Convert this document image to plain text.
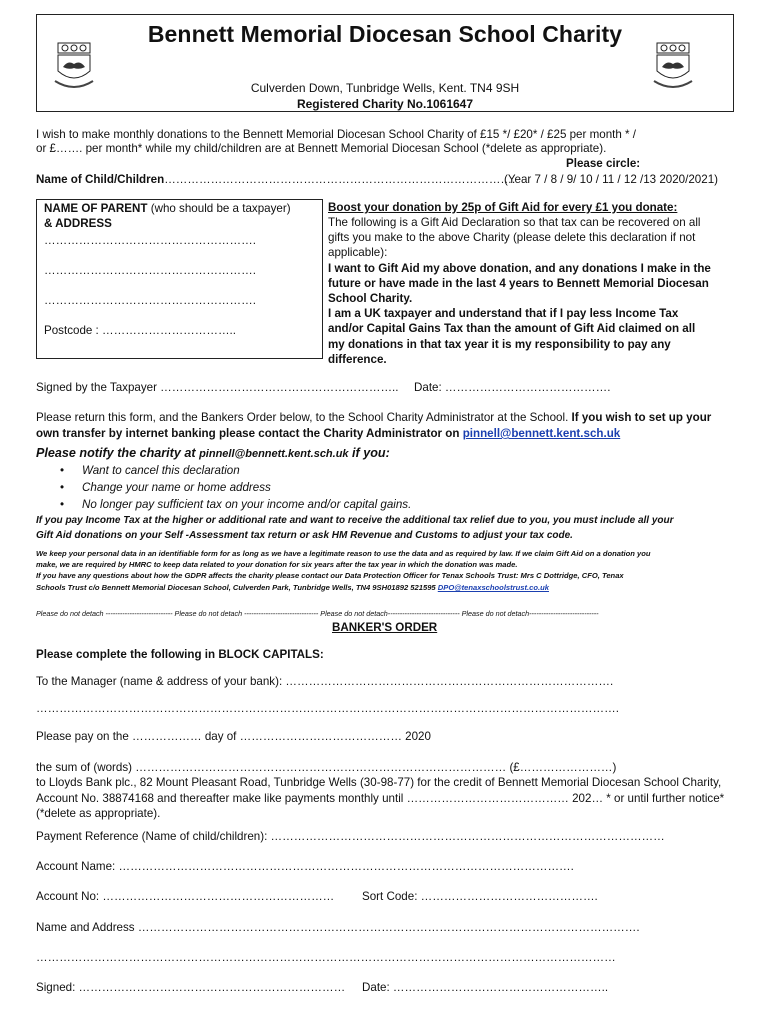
Bennett Memorial Diocesan School Charity
Culverden Down, Tunbridge Wells, Kent. TN4 9SH
Registered Charity No.1061647
I wish to make monthly donations to the Bennett Memorial Diocesan School Charity of £15 */ £20* / £25 per month * /
or £……. per month* while my child/children are at Bennett Memorial Diocesan School (*delete as appropriate).
Please circle:
Name of Child/Children……………………………………………………………………………….
(Year 7 / 8 / 9/ 10 / 11 / 12 /13 2020/2021)
NAME OF PARENT (who should be a taxpayer)
& ADDRESS
……………………………………………….
……………………………………………….
……………………………………………….
Postcode : ……………………………..
Boost your donation by 25p of Gift Aid for every £1 you donate:
The following is a Gift Aid Declaration so that tax can be recovered on all
gifts you make to the above Charity (please delete this declaration if not
applicable):
I want to Gift Aid my above donation, and any donations I make in the
future or have made in the last 4 years to Bennett Memorial Diocesan
School Charity.
I am a UK taxpayer and understand that if I pay less Income Tax
and/or Capital Gains Tax than the amount of Gift Aid claimed on all
my donations in that tax year it is my responsibility to pay any
difference.
Signed by the Taxpayer …………………………………………………….. Date: …………………………………….
Please return this form, and the Bankers Order below, to the School Charity Administrator at the School. If you wish to set up your
own transfer by internet banking please contact the Charity Administrator on pinnell@bennett.kent.sch.uk
Please notify the charity at pinnell@bennett.kent.sch.uk if you:
• Want to cancel this declaration
• Change your name or home address
• No longer pay sufficient tax on your income and/or capital gains.
If you pay Income Tax at the higher or additional rate and want to receive the additional tax relief due to you, you must include all your
Gift Aid donations on your Self -Assessment tax return or ask HM Revenue and Customs to adjust your tax code.
We keep your personal data in an identifiable form for as long as we have a legitimate reason to use the data and as required by law. If we claim Gift Aid on a donation you
make, we are required by HMRC to keep data related to your donation for six years after the tax year in which the donation was made.
If you have any questions about how the GDPR affects the charity please contact our Data Protection Officer for Tenax Schools Trust: Mrs C Dottridge, CFO, Tenax
Schools Trust c/o Bennett Memorial Diocesan School, Culverden Park, Tunbridge Wells, TN4 9SH01892 521595 DPO@tenaxschoolstrust.co.uk
Please do not detach ---------------------------- Please do not detach ------------------------------- Please do not detach------------------------------ Please do not detach-----------------------------
BANKER'S ORDER
Please complete the following in BLOCK CAPITALS:
To the Manager (name & address of your bank): ………………………………………………………………………….
…………………………………………………………………………………………………………………………………….
Please pay on the ……………… day of …………………………………… 2020
the sum of (words) …………………………………………………………………………………… (£……………………)
to Lloyds Bank plc., 82 Mount Pleasant Road, Tunbridge Wells (30-98-77) for the credit of Bennett Memorial Diocesan School Charity,
Account No. 38874168 and thereafter make like payments monthly until …………………………………… 202… * or until further notice*
(*delete as appropriate).
Payment Reference (Name of child/children): …………………………………………………………………………………………
Account Name: ……………………………………………………………………………………………………….
Account No: …………………………………………………… Sort Code: ……………………………………….
Name and Address ………………………………………………………………………………………………………………….
……………………………………………………………………………………………………………………………………
Signed: …………………………………………………………… Date: ………………………………………………..
